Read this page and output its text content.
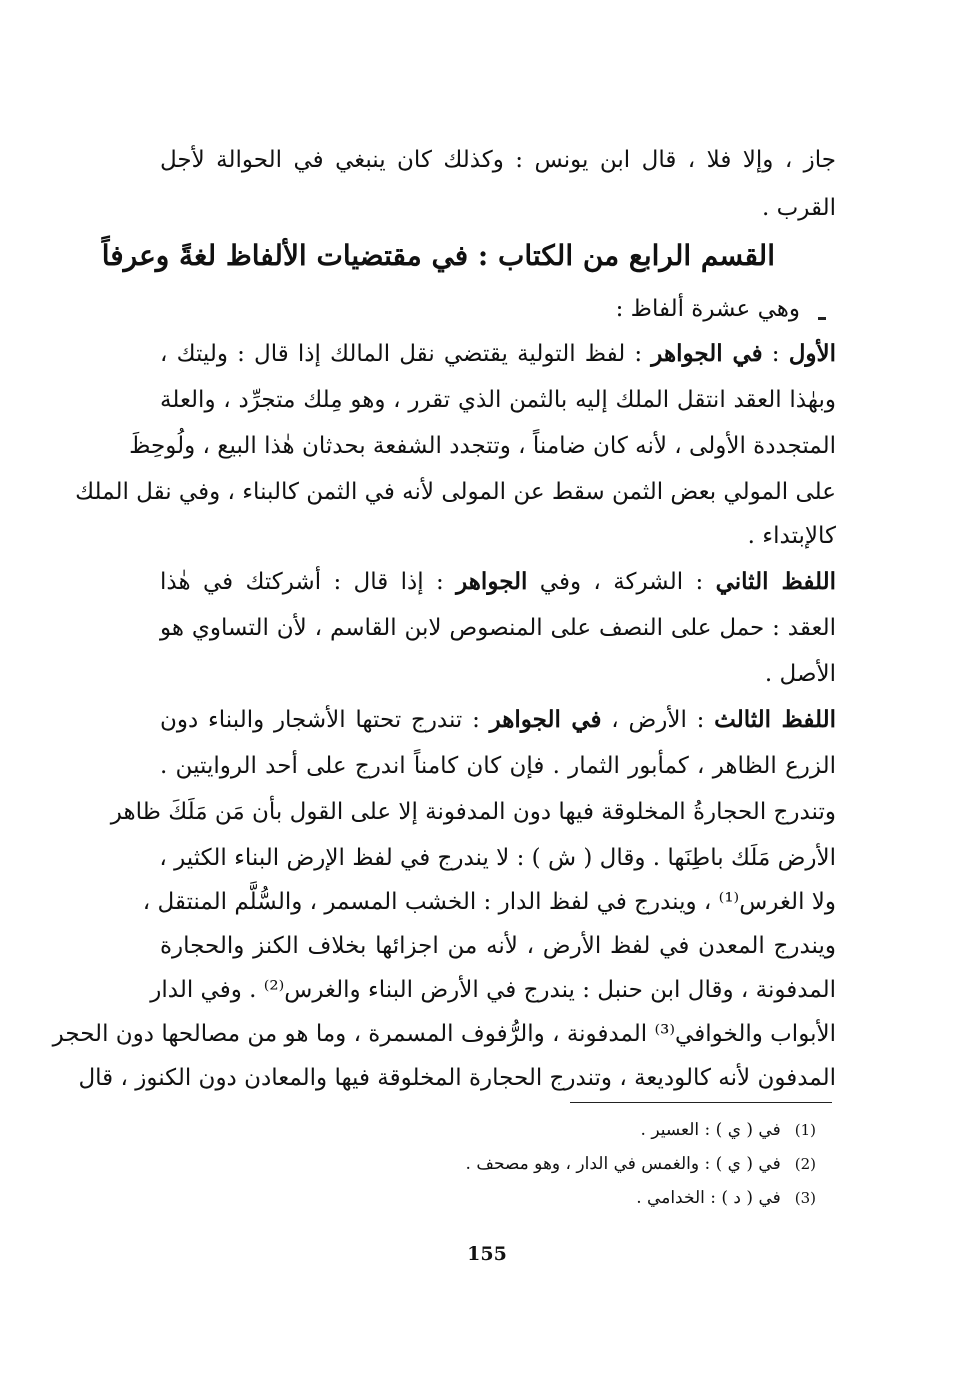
جاز ، وإلا فلا ، قال ابن يونس : وكذلك كان ينبغي في الحوالة لأجل
القرب .
القسم الرابع من الكتاب : في مقتضيات الألفاظ لغةً وعرفاً
وهي عشرة ألفاظ :
الأول : في الجواهر : لفظ التولية يقتضي نقل المالك إذا قال : وليتك ،
وبهٰذا العقد انتقل الملك إليه بالثمن الذي تقرر ، وهو مِلك متجرِّد ، والعلة
المتجددة الأولى ، لأنه كان ضامناً ، وتتجدد الشفعة بحدثان هٰذا البيع ، ولُوحِظَ
على المولي بعض الثمن سقط عن المولى لأنه في الثمن كالبناء ، وفي نقل الملك
كالإبتداء .
اللفظ الثاني : الشركة ، وفي الجواهر : إذا قال : أشركتك في هٰذا
العقد : حمل على النصف على المنصوص لابن القاسم ، لأن التساوي هو
الأصل .
اللفظ الثالث : الأرض ، في الجواهر : تندرج تحتها الأشجار والبناء دون
الزرع الظاهر ، كمأبور الثمار . فإن كان كامناً اندرج على أحد الروايتين .
وتندرج الحجارةُ المخلوقة فيها دون المدفونة إلا على القول بأن مَن مَلَكَ ظاهر
الأرض مَلَك باطِنَها . وقال ( ش ) : لا يندرج في لفظ الإرض البناء الكثير ،
ولا الغرس⁽¹⁾ ، ويندرج في لفظ الدار : الخشب المسمر ، والسُّلَّم المنتقل ،
ويندرج المعدن في لفظ الأرض ، لأنه من اجزائها بخلاف الكنز والحجارة
المدفونة ، وقال ابن حنبل : يندرج في الأرض البناء والغرس⁽²⁾ . وفي الدار
الأبواب والخوافي⁽³⁾ المدفونة ، والرُّفوف المسمرة ، وما هو من مصالحها دون الحجر
المدفون لأنه كالوديعة ، وتندرج الحجارة المخلوقة فيها والمعادن دون الكنوز ، قال
(1)في ( ي ) : العسير .
(2)في ( ي ) : والغمس في الدار ، وهو مصحف .
(3)في ( د ) : الخدامي .
155
